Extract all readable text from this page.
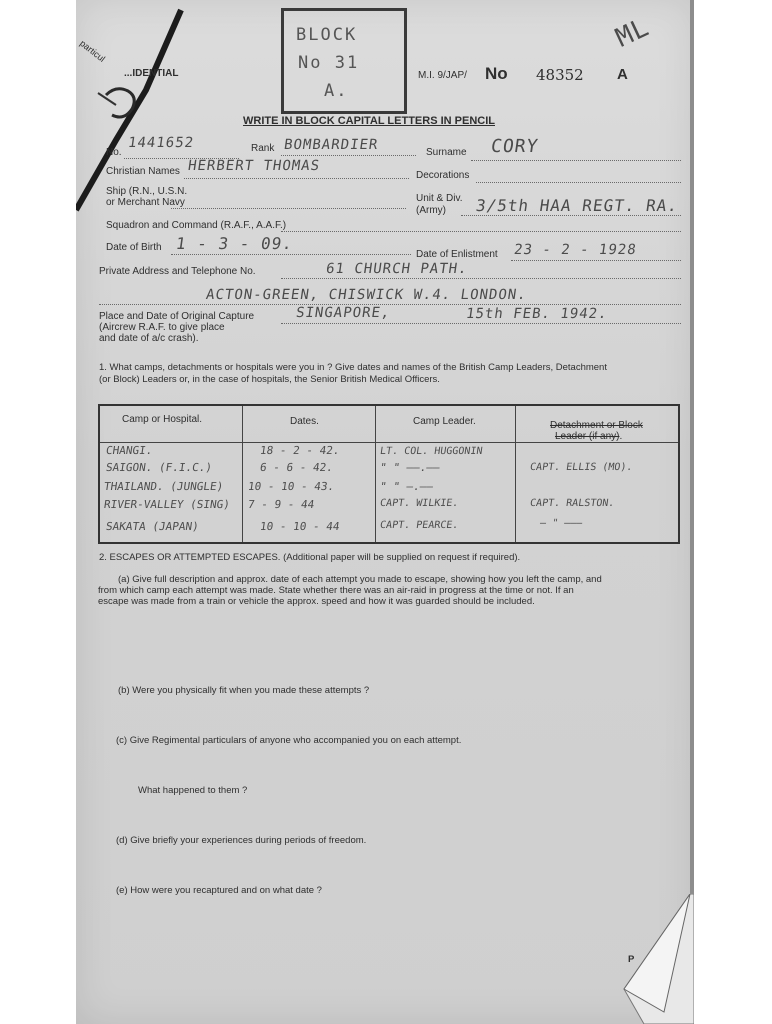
particul
...IDENTIAL
BLOCK
No 31
A.
M.I. 9/JAP/ No 48352 A
ML
WRITE IN BLOCK CAPITAL LETTERS IN PENCIL
No.
1441652	Rank BOMBARDIER	Surname CORY
Christian Names HERBERT THOMAS
Decorations
Ship (R.N., U.S.N.
or Merchant Navy	Unit & Div.
(Army) 3/5th HAA REGT. RA.
Squadron and Command (R.A.F., A.A.F.)
Date of Birth 1 - 3 - 09.
Date of Enlistment 23 - 2 - 1928
Private Address and Telephone No.	61 CHURCH PATH.
ACTON-GREEN, CHISWICK W.4. LONDON.
Place and Date of Original Capture
(Aircrew R.A.F. to give place
and date of a/c crash).
SINGAPORE,	15th FEB. 1942.
1. What camps, detachments or hospitals were you in ? Give dates and names of the British Camp Leaders, Detachment
(or Block) Leaders or, in the case of hospitals, the Senior British Medical Officers.
Camp or Hospital.	Dates.	Camp Leader.	Detachment or Block
Leader (if any).
CHANGI.	18 - 2 - 42.	LT. COL. HUGGONIN
SAIGON. (F.I.C.)	6 - 6 - 42.	" " ——.——	CAPT. ELLIS (MO).
THAILAND. (JUNGLE) 10 - 10 - 43.	" " —.——
RIVER-VALLEY (SING) 7 - 9 - 44	CAPT. WILKIE.	CAPT. RALSTON.
SAKATA (JAPAN)	10 - 10 - 44	CAPT. PEARCE.	— " ———
2. ESCAPES OR ATTEMPTED ESCAPES. (Additional paper will be supplied on request if required).
(a) Give full description and approx. date of each attempt you made to escape, showing how you left the camp, and
from which camp each attempt was made. State whether there was an air-raid in progress at the time or not. If an
escape was made from a train or vehicle the approx. speed and how it was guarded should be included.
(b) Were you physically fit when you made these attempts ?
(c) Give Regimental particulars of anyone who accompanied you on each attempt.
What happened to them ?
(d) Give briefly your experiences during periods of freedom.
(e) How were you recaptured and on what date ?
P
